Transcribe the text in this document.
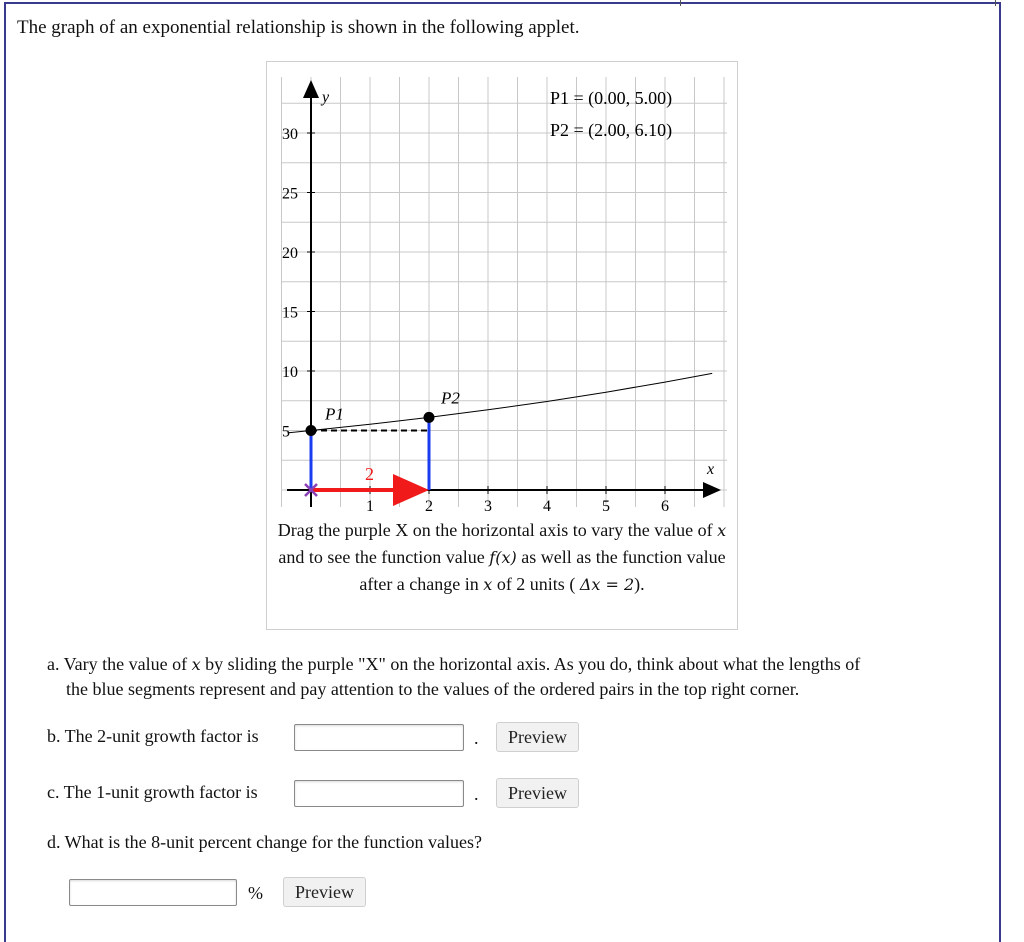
The graph of an exponential relationship is shown in the following applet.
5
10
15
20
25
30
1	2	3	4	5	6
y
x
P1 = (0.00, 5.00)
P2 = (2.00, 6.10)
2
P1
P2
Drag the purple X on the horizontal axis to vary the value of x and to see the function value f(x) as well as the function value after a change in x of 2 units ( Δx = 2).
a. Vary the value of x by sliding the purple "X" on the horizontal axis. As you do, think about what the lengths of
the blue segments represent and pay attention to the values of the ordered pairs in the top right corner.
b. The 2-unit growth factor is	.	Preview
c. The 1-unit growth factor is	.	Preview
d. What is the 8-unit percent change for the function values?
%	Preview
